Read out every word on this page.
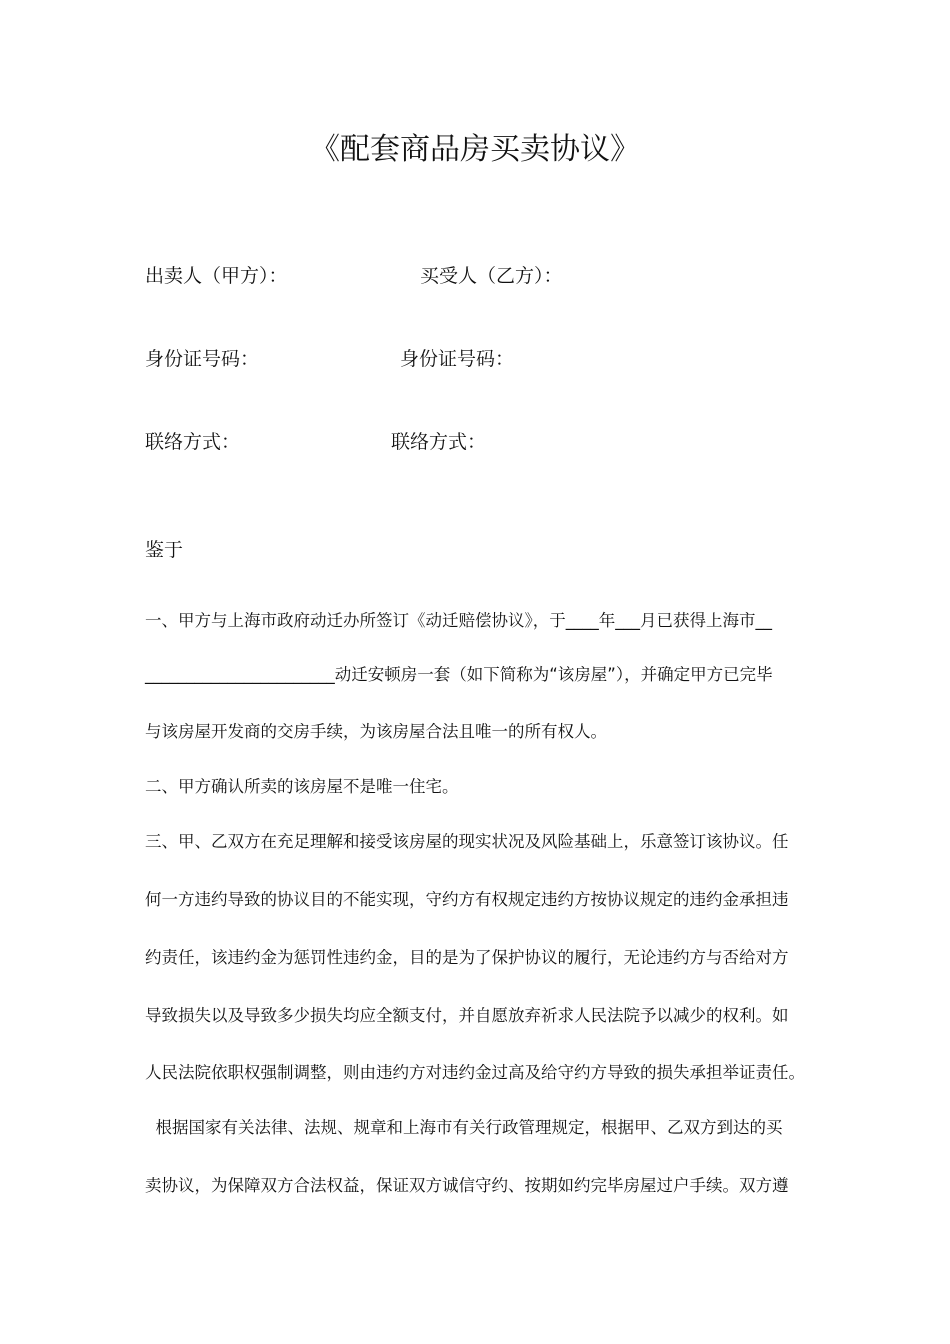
《配套商品房买卖协议》
出卖人（甲方）：	买受人（乙方）：
身份证号码：	身份证号码：
联络方式：	联络方式：
鉴于
一、甲方与上海市政府动迁办所签订《动迁赔偿协议》，于____年___月已获得上海市__
_______________________动迁安顿房一套（如下简称为“该房屋”），并确定甲方已完毕
与该房屋开发商的交房手续，为该房屋合法且唯一的所有权人。
二、甲方确认所卖的该房屋不是唯一住宅。
三、甲、乙双方在充足理解和接受该房屋的现实状况及风险基础上，乐意签订该协议。任
何一方违约导致的协议目的不能实现，守约方有权规定违约方按协议规定的违约金承担违
约责任，该违约金为惩罚性违约金，目的是为了保护协议的履行，无论违约方与否给对方
导致损失以及导致多少损失均应全额支付，并自愿放弃祈求人民法院予以减少的权利。如
人民法院依职权强制调整，则由违约方对违约金过高及给守约方导致的损失承担举证责任。
根据国家有关法律、法规、规章和上海市有关行政管理规定，根据甲、乙双方到达的买
卖协议，为保障双方合法权益，保证双方诚信守约、按期如约完毕房屋过户手续。双方遵
